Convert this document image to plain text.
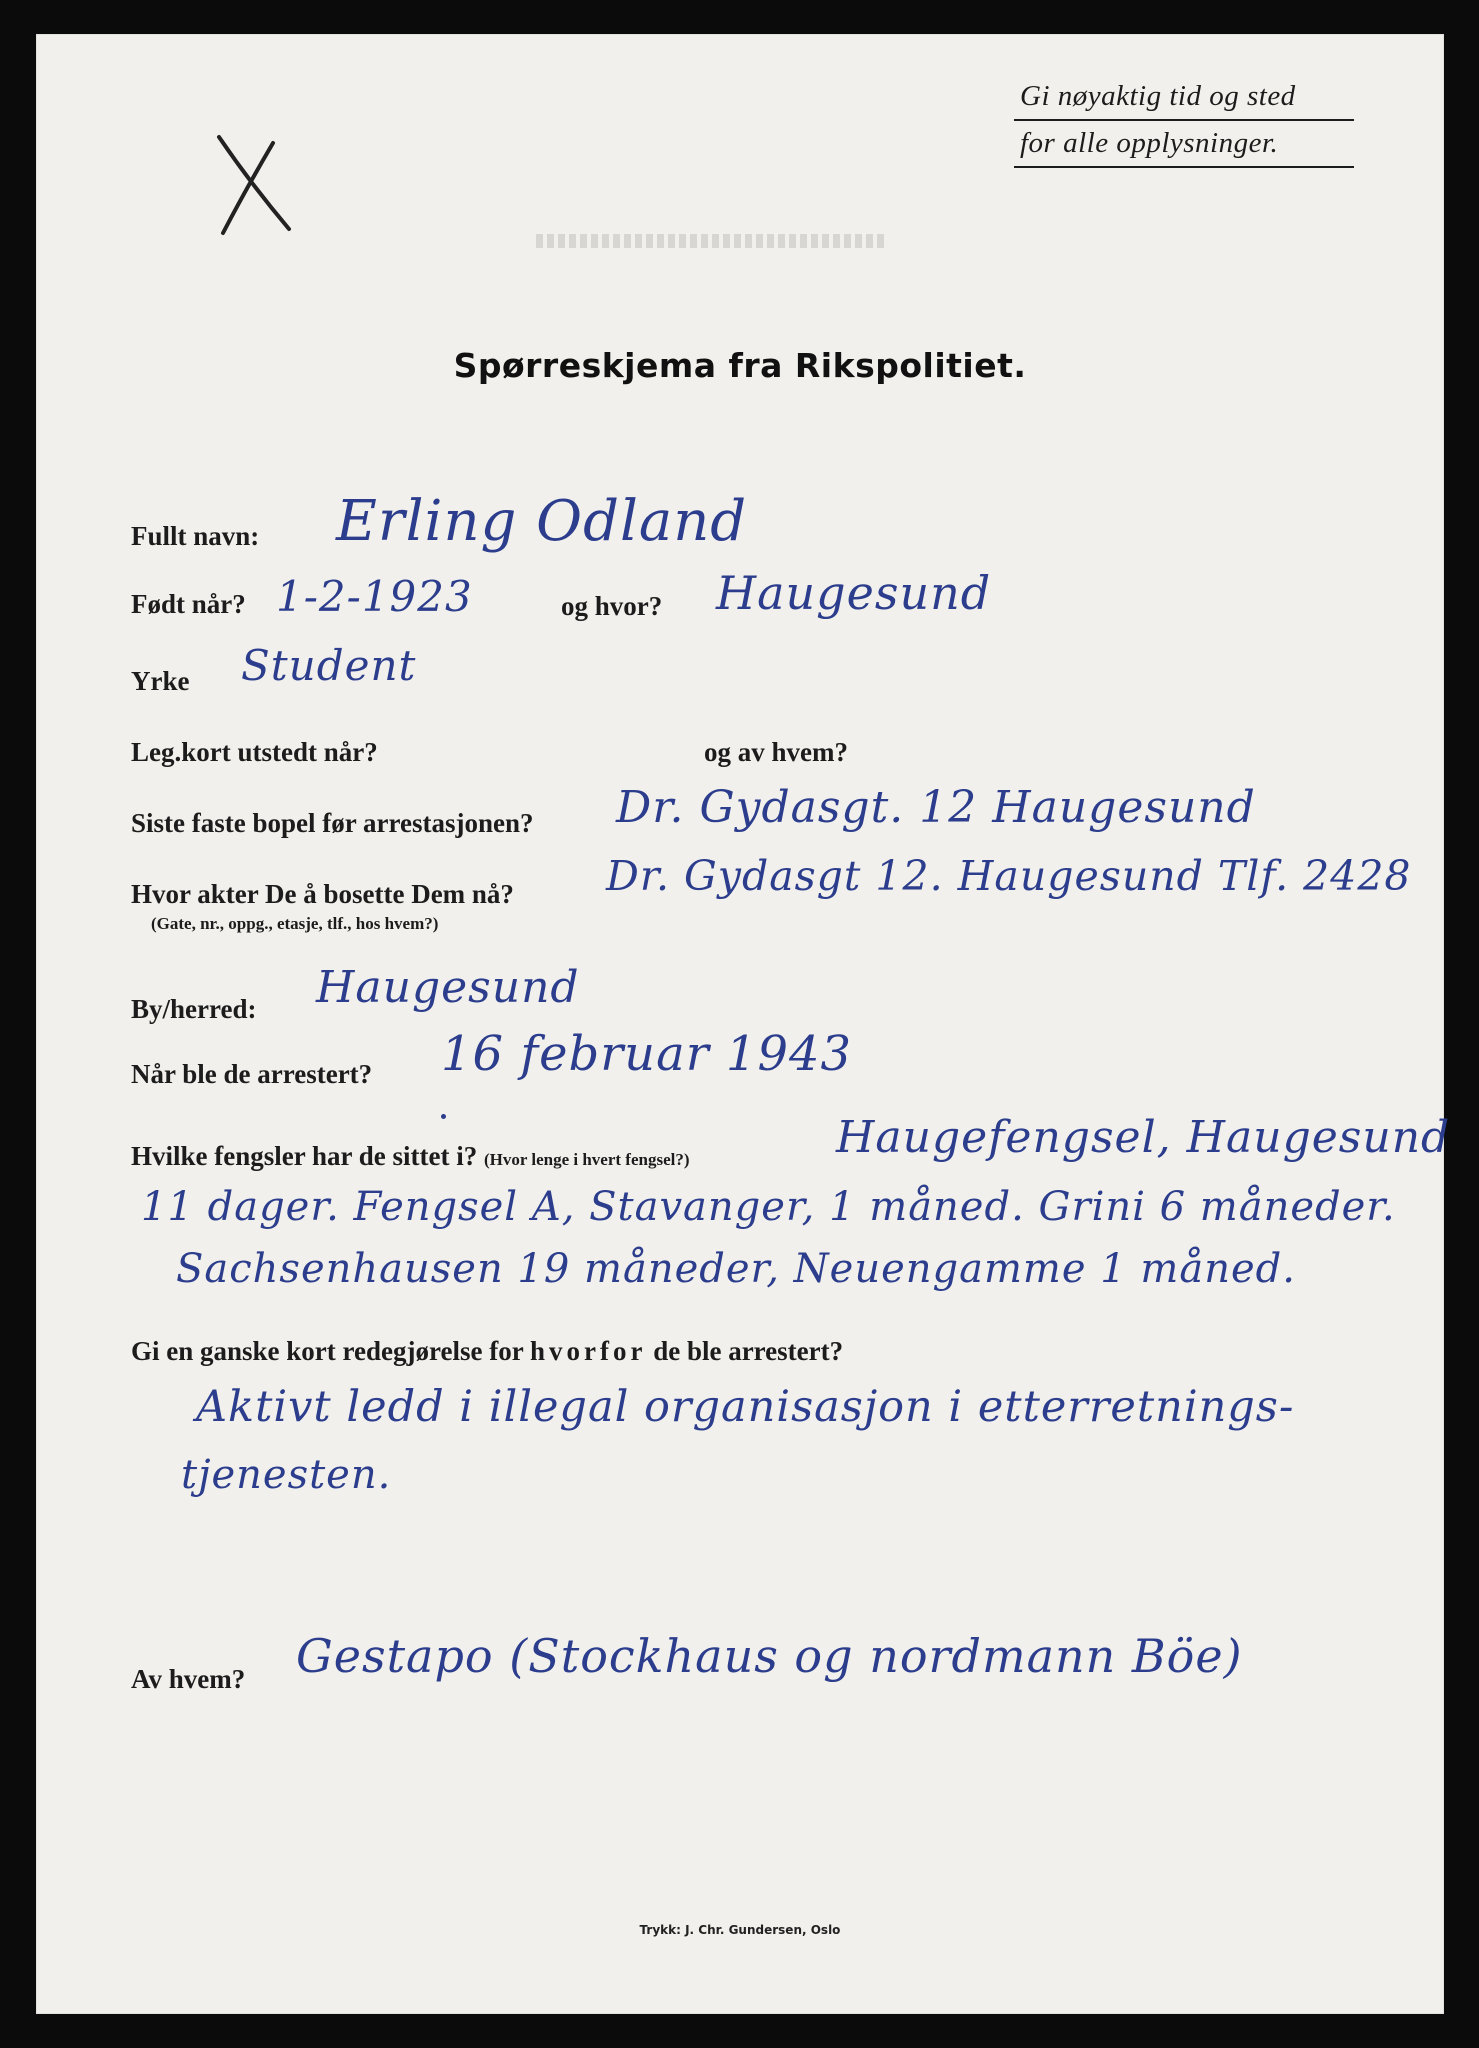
Gi nøyaktig tid og sted
for alle opplysninger.
Spørreskjema fra Rikspolitiet.
Fullt navn: Erling Odland
Født når? 1-2-1923	og hvor? Haugesund
Yrke Student
Leg.kort utstedt når?	og av hvem?
Siste faste bopel før arrestasjonen? Dr. Gydasgt. 12 Haugesund
Hvor akter De å bosette Dem nå?
(Gate, nr., oppg., etasje, tlf., hos hvem?)
Dr. Gydasgt 12. Haugesund Tlf. 2428
By/herred: Haugesund
Når ble de arrestert? 16 februar 1943
Hvilke fengsler har de sittet i? (Hvor lenge i hvert fengsel?)	Haugefengsel, Haugesund
11 dager. Fengsel A, Stavanger, 1 måned. Grini 6 måneder.
Sachsenhausen 19 måneder, Neuengamme 1 måned.
Gi en ganske kort redegjørelse for hvorfor de ble arrestert?
Aktivt ledd i illegal organisasjon i etterretnings-
tjenesten.
Av hvem? Gestapo (Stockhaus og nordmann Böe)
Trykk: J. Chr. Gundersen, Oslo
